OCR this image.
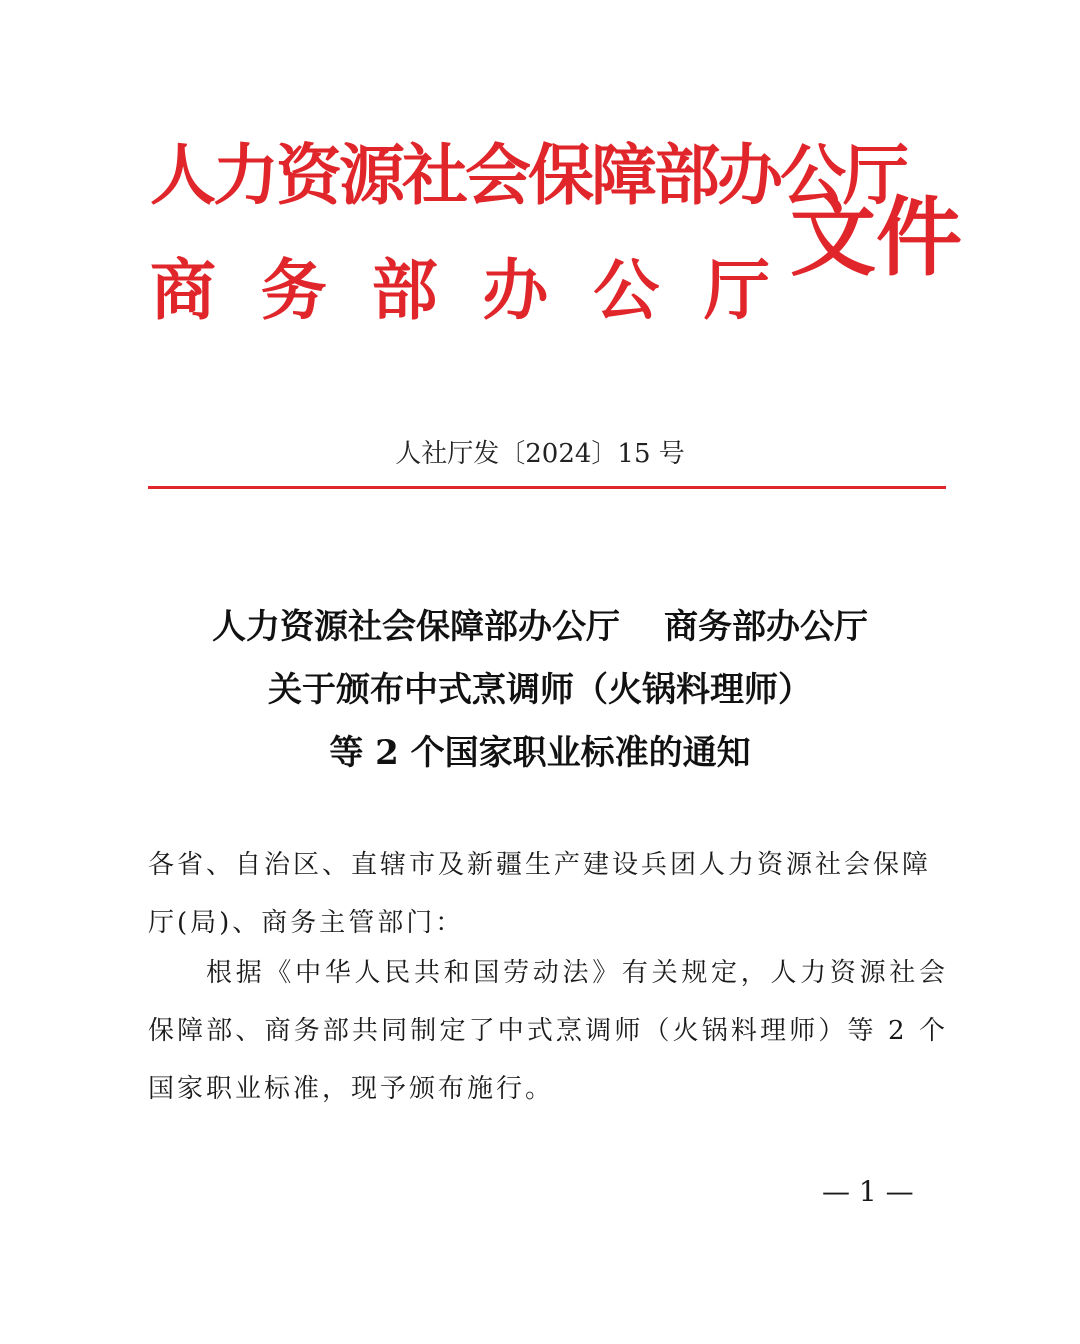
人力资源社会保障部办公厅
商 务 部 办 公 厅
文件
人社厅发〔2024〕15 号
人力资源社会保障部办公厅 商务部办公厅
关于颁布中式烹调师（火锅料理师）
等 2 个国家职业标准的通知
各省、自治区、直辖市及新疆生产建设兵团人力资源社会保障厅(局)、商务主管部门：
根据《中华人民共和国劳动法》有关规定，人力资源社会保障部、商务部共同制定了中式烹调师（火锅料理师）等 2 个国家职业标准，现予颁布施行。
— 1 —
